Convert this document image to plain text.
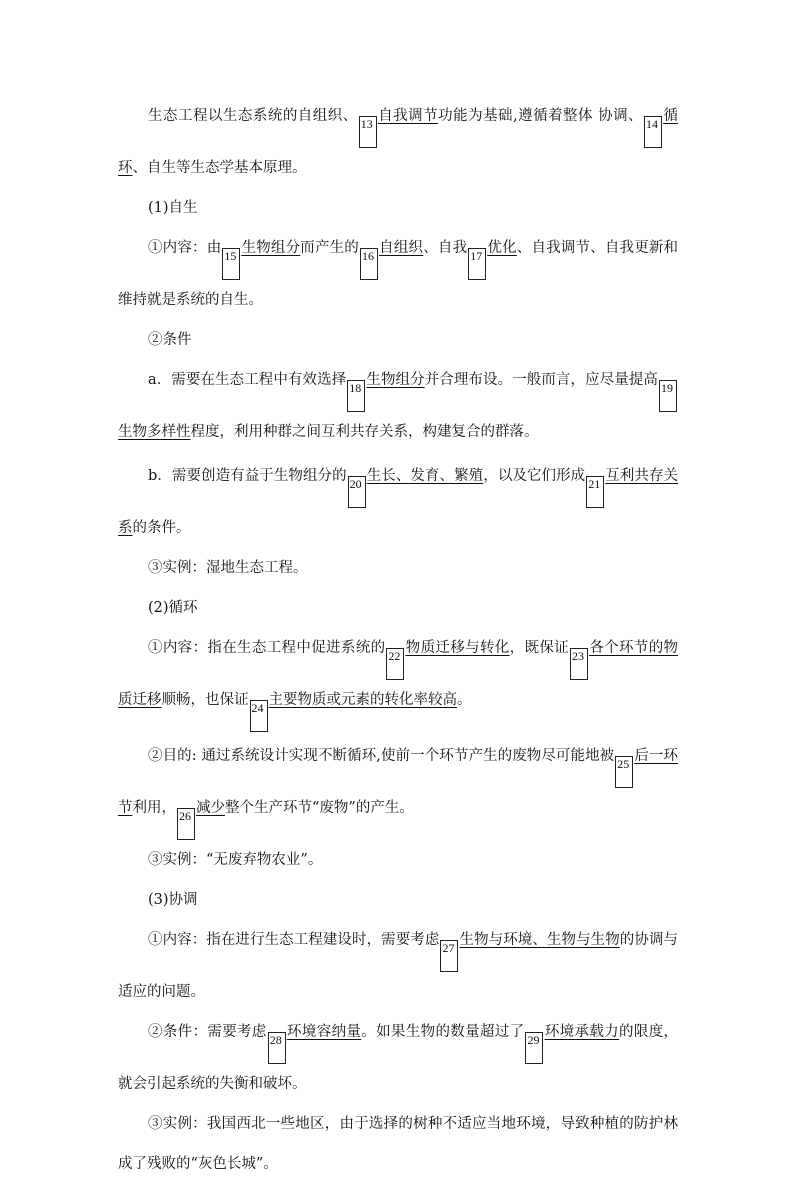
生态工程以生态系统的自组织、 13 自我调节功能为基础,遵循着整体 协调、 14 循环、自生等生态学基本原理。

(1)自生

①内容：由 15 生物组分而产生的 16 自组织、自我 17 优化、自我调节、自我更新和维持就是系统的自生。

②条件

a．需要在生态工程中有效选择 18 生物组分并合理布设。一般而言，应尽量提高 19生物多样性程度，利用种群之间互利共存关系，构建复合的群落。

b．需要创造有益于生物组分的 20 生长、发育、繁殖，以及它们形成 21 互利共存关系的条件。

③实例：湿地生态工程。

(2)循环

①内容：指在生态工程中促进系统的 22 物质迁移与转化，既保证 23 各个环节的物质迁移顺畅，也保证 24 主要物质或元素的转化率较高。

②目的: 通过系统设计实现不断循环,使前一个环节产生的废物尽可能地被 25 后一环节利用， 26 减少整个生产环节“废物”的产生。

③实例：“无废弃物农业”。

(3)协调

①内容：指在进行生态工程建设时，需要考虑 27 生物与环境、生物与生物的协调与适应的问题。

②条件：需要考虑 28 环境容纳量。如果生物的数量超过了 29 环境承载力的限度，就会引起系统的失衡和破坏。

③实例：我国西北一些地区，由于选择的树种不适应当地环境，导致种植的防护林成了残败的“灰色长城”。
